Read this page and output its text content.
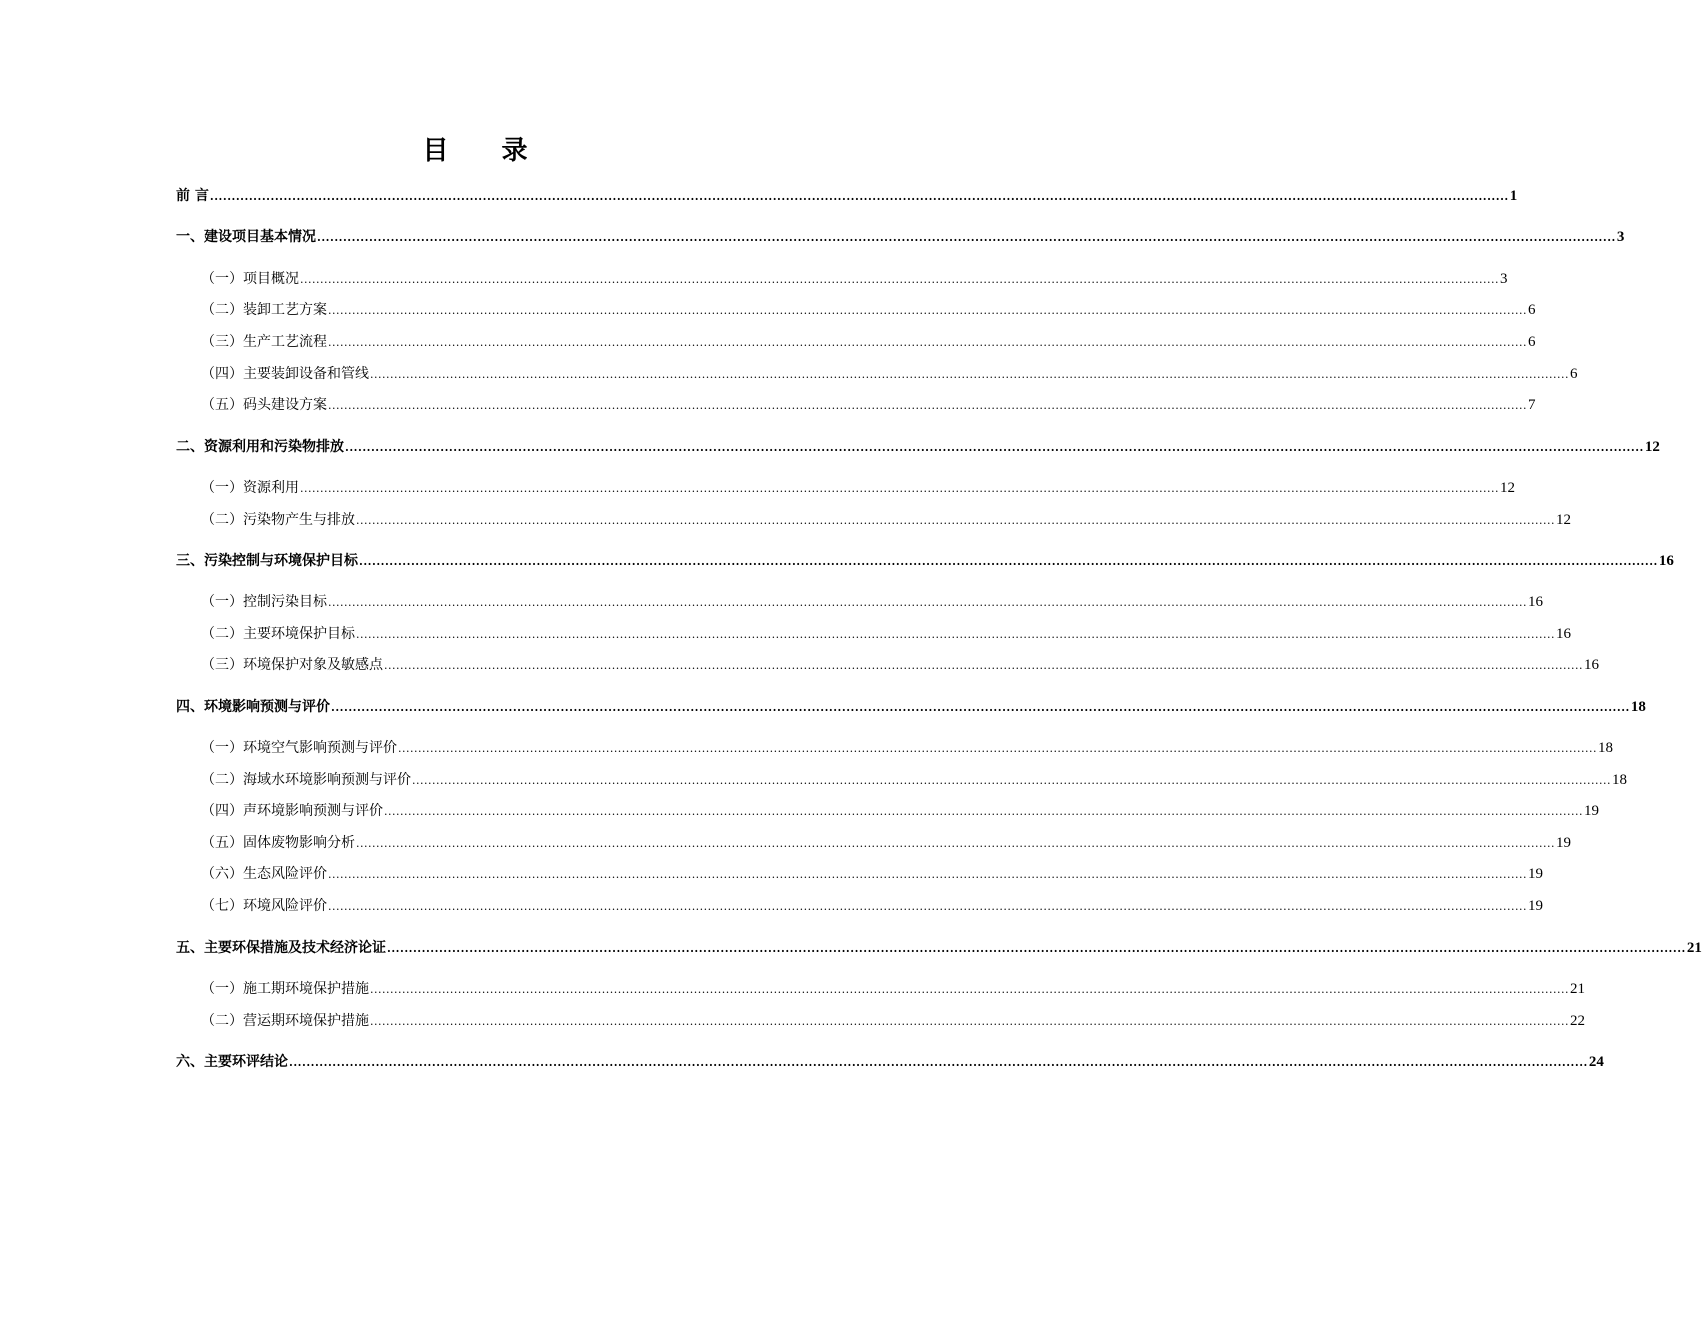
目 录
前 言 ............................................................................................................................................................................................................................................................................................................ 1
一、建设项目基本情况 ............................................................................................................................................................................................................................................................................................................ 3
（一）项目概况 ............................................................................................................................................................................................................................................................................................................ 3
（二）装卸工艺方案 ............................................................................................................................................................................................................................................................................................................ 6
（三）生产工艺流程 ............................................................................................................................................................................................................................................................................................................ 6
（四）主要装卸设备和管线 ............................................................................................................................................................................................................................................................................................................ 6
（五）码头建设方案 ............................................................................................................................................................................................................................................................................................................ 7
二、资源利用和污染物排放 ............................................................................................................................................................................................................................................................................................................ 12
（一）资源利用 ............................................................................................................................................................................................................................................................................................................ 12
（二）污染物产生与排放 ............................................................................................................................................................................................................................................................................................................ 12
三、污染控制与环境保护目标 ............................................................................................................................................................................................................................................................................................................ 16
（一）控制污染目标 ............................................................................................................................................................................................................................................................................................................ 16
（二）主要环境保护目标 ............................................................................................................................................................................................................................................................................................................ 16
（三）环境保护对象及敏感点 ............................................................................................................................................................................................................................................................................................................ 16
四、环境影响预测与评价 ............................................................................................................................................................................................................................................................................................................ 18
（一）环境空气影响预测与评价 ............................................................................................................................................................................................................................................................................................................ 18
（二）海域水环境影响预测与评价 ............................................................................................................................................................................................................................................................................................................ 18
（四）声环境影响预测与评价 ............................................................................................................................................................................................................................................................................................................ 19
（五）固体废物影响分析 ............................................................................................................................................................................................................................................................................................................ 19
（六）生态风险评价 ............................................................................................................................................................................................................................................................................................................ 19
（七）环境风险评价 ............................................................................................................................................................................................................................................................................................................ 19
五、主要环保措施及技术经济论证 ............................................................................................................................................................................................................................................................................................................ 21
（一）施工期环境保护措施 ............................................................................................................................................................................................................................................................................................................ 21
（二）营运期环境保护措施 ............................................................................................................................................................................................................................................................................................................ 22
六、主要环评结论 ............................................................................................................................................................................................................................................................................................................ 24
